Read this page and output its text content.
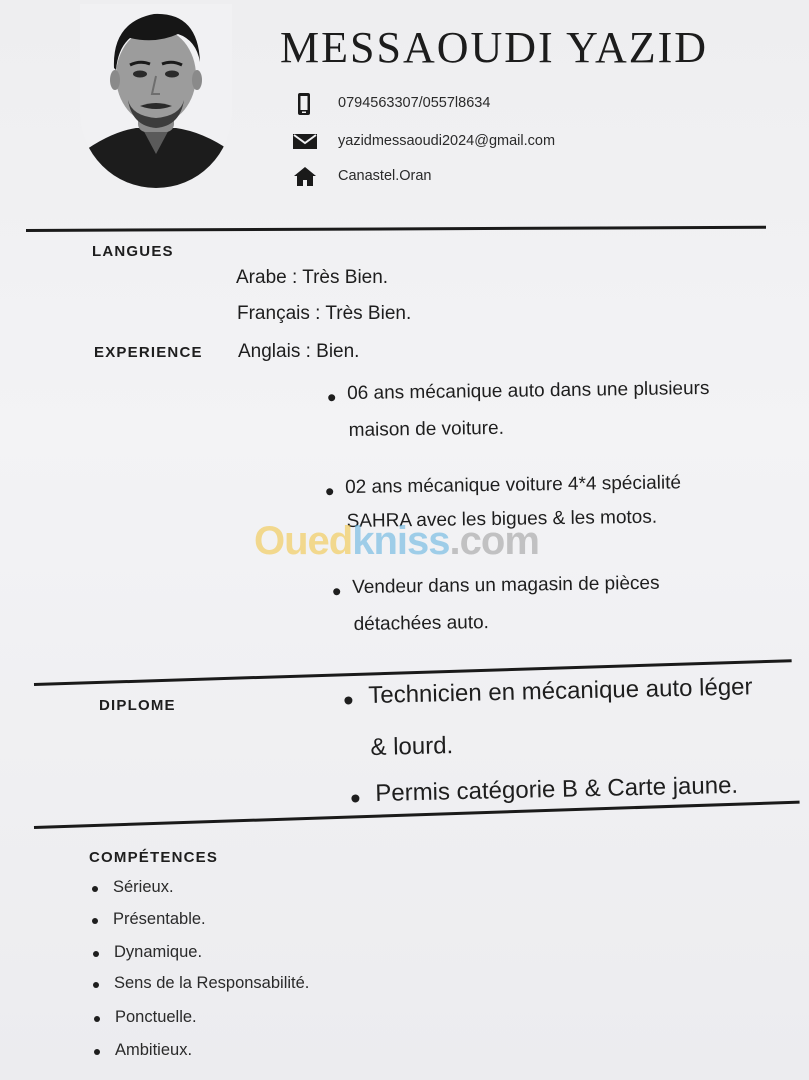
MESSAOUDI YAZID
0794563307/0557l8634
yazidmessaoudi2024@gmail.com
Canastel.Oran
LANGUES
Arabe : Très Bien.
Français : Très Bien.
Anglais : Bien.
EXPERIENCE
06 ans mécanique auto dans une plusieurs
maison de voiture.
02 ans mécanique voiture 4*4 spécialité
SAHRA avec les bigues & les motos.
Vendeur dans un magasin de pièces
détachées auto.
Ouedkniss.com
DIPLOME	Technicien en mécanique auto léger
& lourd.
Permis catégorie B & Carte jaune.
COMPÉTENCES
Sérieux.
Présentable.
Dynamique.
Sens de la Responsabilité.
Ponctuelle.
Ambitieux.
